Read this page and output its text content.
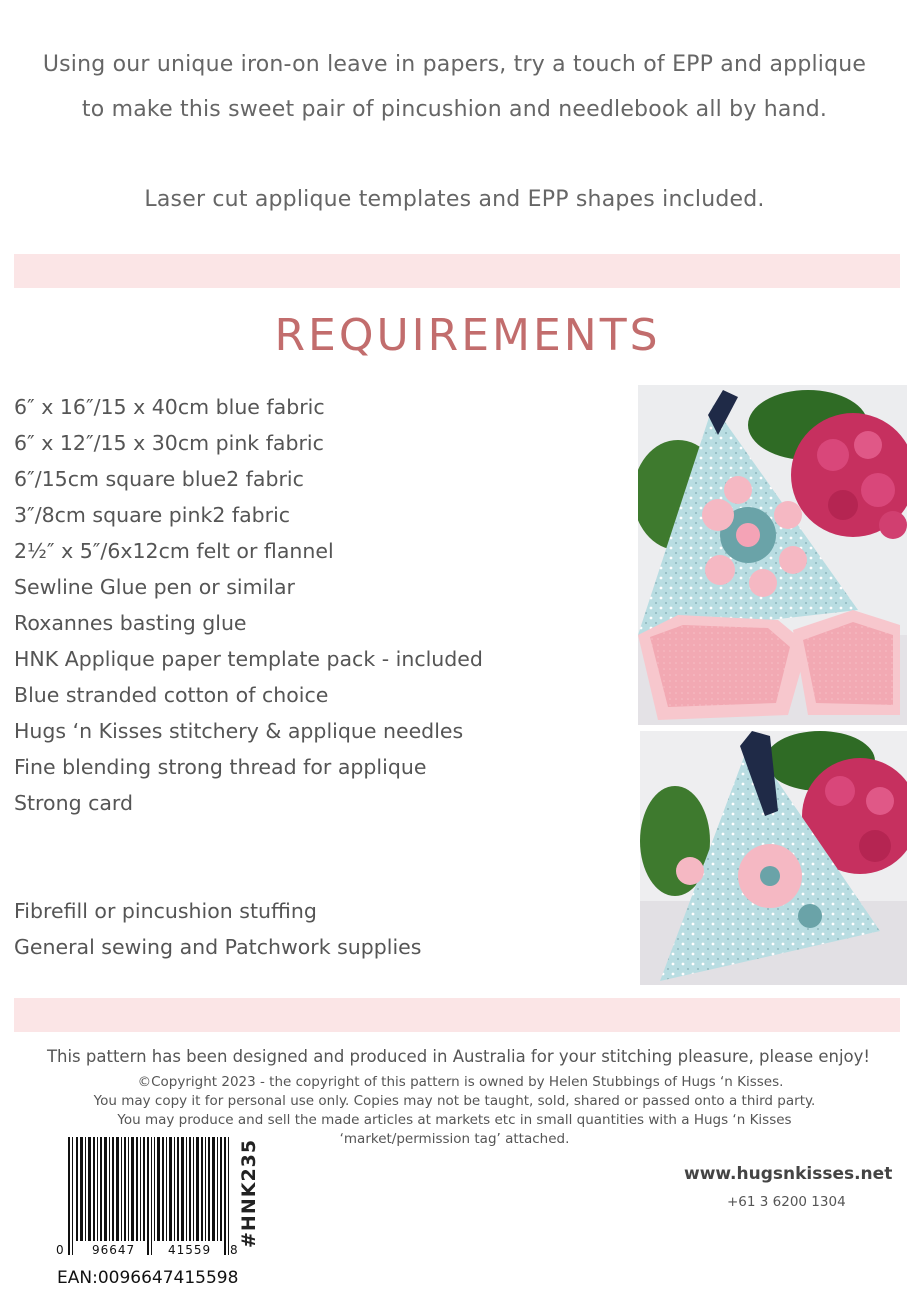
Using our unique iron-on leave in papers, try a touch of EPP and applique
to make this sweet pair of pincushion and needlebook all by hand.
Laser cut applique templates and EPP shapes included.
REQUIREMENTS
6″ x 16″/15 x 40cm blue fabric
6″ x 12″/15 x 30cm pink fabric
6″/15cm square blue2 fabric
3″/8cm square pink2 fabric
2½″ x 5″/6x12cm felt or flannel
Sewline Glue pen or similar
Roxannes basting glue
HNK Applique paper template pack - included
Blue stranded cotton of choice
Hugs ‘n Kisses stitchery & applique needles
Fine blending strong thread for applique
Strong card
Fibrefill or pincushion stuffing
General sewing and Patchwork supplies
This pattern has been designed and produced in Australia for your stitching pleasure, please enjoy!
©Copyright 2023 - the copyright of this pattern is owned by Helen Stubbings of Hugs ‘n Kisses.
You may copy it for personal use only. Copies may not be taught, sold, shared or passed onto a third party.
You may produce and sell the made articles at markets etc in small quantities with a Hugs ‘n Kisses
‘market/permission tag’ attached.
0 96647	41559 8
EAN:0096647415598
#HNK235	www.hugsnkisses.net
+61 3 6200 1304
